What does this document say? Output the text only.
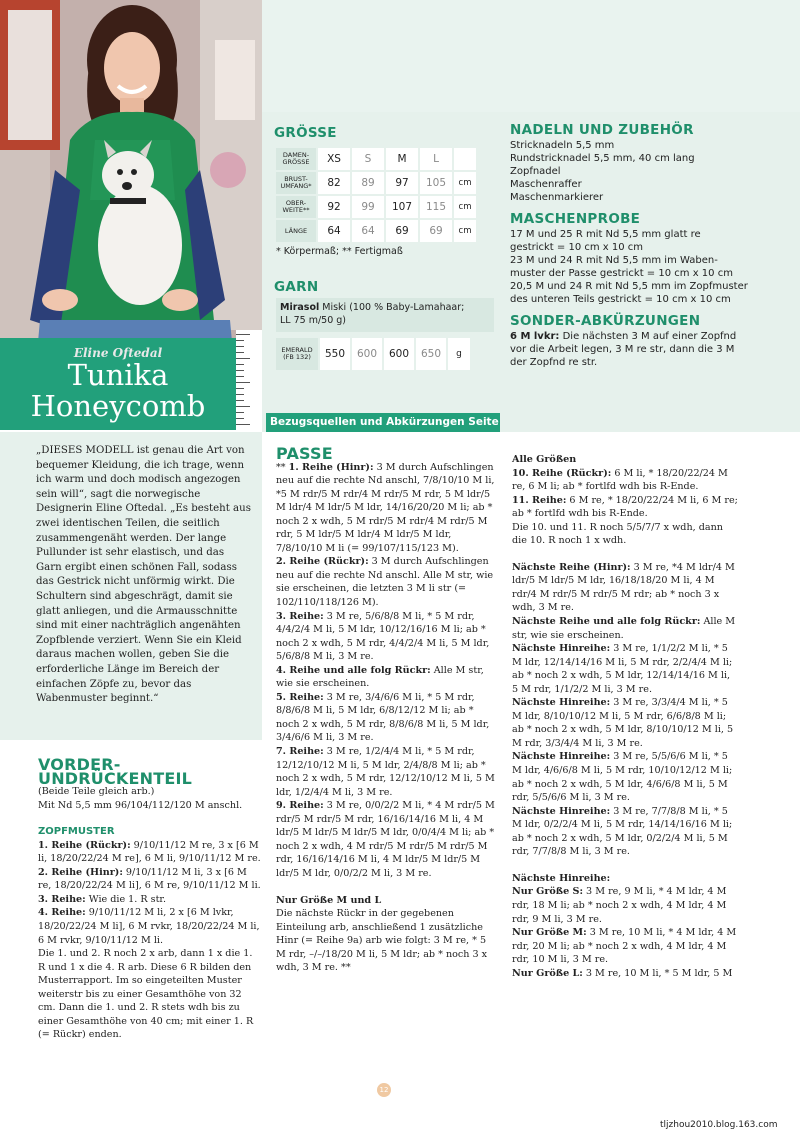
Eline Oftedal
Tunika
Honeycomb
GRÖSSE
DAMEN-
GRÖSSE	XS	S	M	L	
BRUST-
UMFANG*	82	89	97	105	cm
OBER-
WEITE**	92	99	107	115	cm
LÄNGE	64	64	69	69	cm
* Körpermaß; ** Fertigmaß
GARN
Mirasol Miski (100 % Baby-Lamahaar;
LL 75 m/50 g)
EMERALD
(FB 132)	550	600	600	650	g
Bezugsquellen und Abkürzungen Seite 66
NADELN UND ZUBEHÖR

Stricknadeln 5,5 mm

Rundstricknadel 5,5 mm, 40 cm lang

Zopfnadel

Maschenraffer

Maschenmarkierer

MASCHENPROBE

17 M und 25 R mit Nd 5,5 mm glatt re

gestrickt = 10 cm x 10 cm

23 M und 24 R mit Nd 5,5 mm im Waben-

muster der Passe gestrickt = 10 cm x 10 cm

20,5 M und 24 R mit Nd 5,5 mm im Zopfmuster

des unteren Teils gestrickt = 10 cm x 10 cm

SONDER-ABKÜRZUNGEN

6 M lvkr: Die nächsten 3 M auf einer Zopfnd

vor die Arbeit legen, 3 M re str, dann die 3 M

der Zopfnd re str.

„DIESES MODELL ist genau die Art von bequemer Kleidung, die ich trage, wenn ich warm und doch modisch angezogen sein will“, sagt die norwegische Designerin Eline Oftedal. „Es besteht aus zwei identischen Teilen, die seitlich zusammengenäht werden. Der lange Pullunder ist sehr elastisch, und das Garn ergibt einen schönen Fall, sodass das Gestrick nicht unförmig wirkt. Die Schultern sind abgeschrägt, damit sie glatt anliegen, und die Armausschnitte sind mit einer nachträglich angenähten Zopfblende verziert. Wenn Sie ein Kleid daraus machen wollen, geben Sie die erforderliche Länge im Bereich der einfachen Zöpfe zu, bevor das Wabenmuster beginnt.“

VORDER-UNDRÜCKENTEIL

(Beide Teile gleich arb.)

Mit Nd 5,5 mm 96/104/112/120 M anschl.

ZOPFMUSTER

1. Reihe (Rückr): 9/10/11/12 M re, 3 x [6 M li, 18/20/22/24 M re], 6 M li, 9/10/11/12 M re.

2. Reihe (Hinr): 9/10/11/12 M li, 3 x [6 M re, 18/20/22/24 M li], 6 M re, 9/10/11/12 M li.

3. Reihe: Wie die 1. R str.

4. Reihe: 9/10/11/12 M li, 2 x [6 M lvkr, 18/20/22/24 M li], 6 M rvkr, 18/20/22/24 M li, 6 M rvkr, 9/10/11/12 M li.

Die 1. und 2. R noch 2 x arb, dann 1 x die 1. R und 1 x die 4. R arb. Diese 6 R bilden den Musterrapport. Im so eingeteilten Muster weiterstr bis zu einer Gesamthöhe von 32 cm. Dann die 1. und 2. R stets wdh bis zu einer Gesamthöhe von 40 cm; mit einer 1. R (= Rückr) enden.

PASSE

** 1. Reihe (Hinr): 3 M durch Aufschlingen neu auf die rechte Nd anschl, 7/8/10/10 M li, *5 M rdr/5 M rdr/4 M rdr/5 M rdr, 5 M ldr/5 M ldr/4 M ldr/5 M ldr, 14/16/20/20 M li; ab * noch 2 x wdh, 5 M rdr/5 M rdr/4 M rdr/5 M rdr, 5 M ldr/5 M ldr/4 M ldr/5 M ldr, 7/8/10/10 M li (= 99/107/115/123 M).

2. Reihe (Rückr): 3 M durch Aufschlingen neu auf die rechte Nd anschl. Alle M str, wie sie erscheinen, die letzten 3 M li str (= 102/110/118/126 M).

3. Reihe: 3 M re, 5/6/8/8 M li, * 5 M rdr, 4/4/2/4 M li, 5 M ldr, 10/12/16/16 M li; ab * noch 2 x wdh, 5 M rdr, 4/4/2/4 M li, 5 M ldr, 5/6/8/8 M li, 3 M re.

4. Reihe und alle folg Rückr: Alle M str, wie sie erscheinen.

5. Reihe: 3 M re, 3/4/6/6 M li, * 5 M rdr, 8/8/6/8 M li, 5 M ldr, 6/8/12/12 M li; ab * noch 2 x wdh, 5 M rdr, 8/8/6/8 M li, 5 M ldr, 3/4/6/6 M li, 3 M re.

7. Reihe: 3 M re, 1/2/4/4 M li, * 5 M rdr, 12/12/10/12 M li, 5 M ldr, 2/4/8/8 M li; ab * noch 2 x wdh, 5 M rdr, 12/12/10/12 M li, 5 M ldr, 1/2/4/4 M li, 3 M re.

9. Reihe: 3 M re, 0/0/2/2 M li, * 4 M rdr/5 M rdr/5 M rdr/5 M rdr, 16/16/14/16 M li, 4 M ldr/5 M ldr/5 M ldr/5 M ldr, 0/0/4/4 M li; ab * noch 2 x wdh, 4 M rdr/5 M rdr/5 M rdr/5 M rdr, 16/16/14/16 M li, 4 M ldr/5 M ldr/5 M ldr/5 M ldr, 0/0/2/2 M li, 3 M re.

Nur Größe M und L

Die nächste Rückr in der gegebenen Einteilung arb, anschließend 1 zusätzliche Hinr (= Reihe 9a) arb wie folgt: 3 M re, * 5 M rdr, –/–/18/20 M li, 5 M ldr; ab * noch 3 x wdh, 3 M re. **

Alle Größen

10. Reihe (Rückr): 6 M li, * 18/20/22/24 M re, 6 M li; ab * fortlfd wdh bis R-Ende.

11. Reihe: 6 M re, * 18/20/22/24 M li, 6 M re; ab * fortlfd wdh bis R-Ende.

Die 10. und 11. R noch 5/5/7/7 x wdh, dann die 10. R noch 1 x wdh.

Nächste Reihe (Hinr): 3 M re, *4 M ldr/4 M ldr/5 M ldr/5 M ldr, 16/18/18/20 M li, 4 M rdr/4 M rdr/5 M rdr/5 M rdr; ab * noch 3 x wdh, 3 M re.

Nächste Reihe und alle folg Rückr: Alle M str, wie sie erscheinen.

Nächste Hinreihe: 3 M re, 1/1/2/2 M li, * 5 M ldr, 12/14/14/16 M li, 5 M rdr, 2/2/4/4 M li; ab * noch 2 x wdh, 5 M ldr, 12/14/14/16 M li, 5 M rdr, 1/1/2/2 M li, 3 M re.

Nächste Hinreihe: 3 M re, 3/3/4/4 M li, * 5 M ldr, 8/10/10/12 M li, 5 M rdr, 6/6/8/8 M li; ab * noch 2 x wdh, 5 M ldr, 8/10/10/12 M li, 5 M rdr, 3/3/4/4 M li, 3 M re.

Nächste Hinreihe: 3 M re, 5/5/6/6 M li, * 5 M ldr, 4/6/6/8 M li, 5 M rdr, 10/10/12/12 M li; ab * noch 2 x wdh, 5 M ldr, 4/6/6/8 M li, 5 M rdr, 5/5/6/6 M li, 3 M re.

Nächste Hinreihe: 3 M re, 7/7/8/8 M li, * 5 M ldr, 0/2/2/4 M li, 5 M rdr, 14/14/16/16 M li; ab * noch 2 x wdh, 5 M ldr, 0/2/2/4 M li, 5 M rdr, 7/7/8/8 M li, 3 M re.

Nächste Hinreihe:

Nur Größe S: 3 M re, 9 M li, * 4 M ldr, 4 M rdr, 18 M li; ab * noch 2 x wdh, 4 M ldr, 4 M rdr, 9 M li, 3 M re.

Nur Größe M: 3 M re, 10 M li, * 4 M ldr, 4 M rdr, 20 M li; ab * noch 2 x wdh, 4 M ldr, 4 M rdr, 10 M li, 3 M re.

Nur Größe L: 3 M re, 10 M li, * 5 M ldr, 5 M

12
tljzhou2010.blog.163.com
